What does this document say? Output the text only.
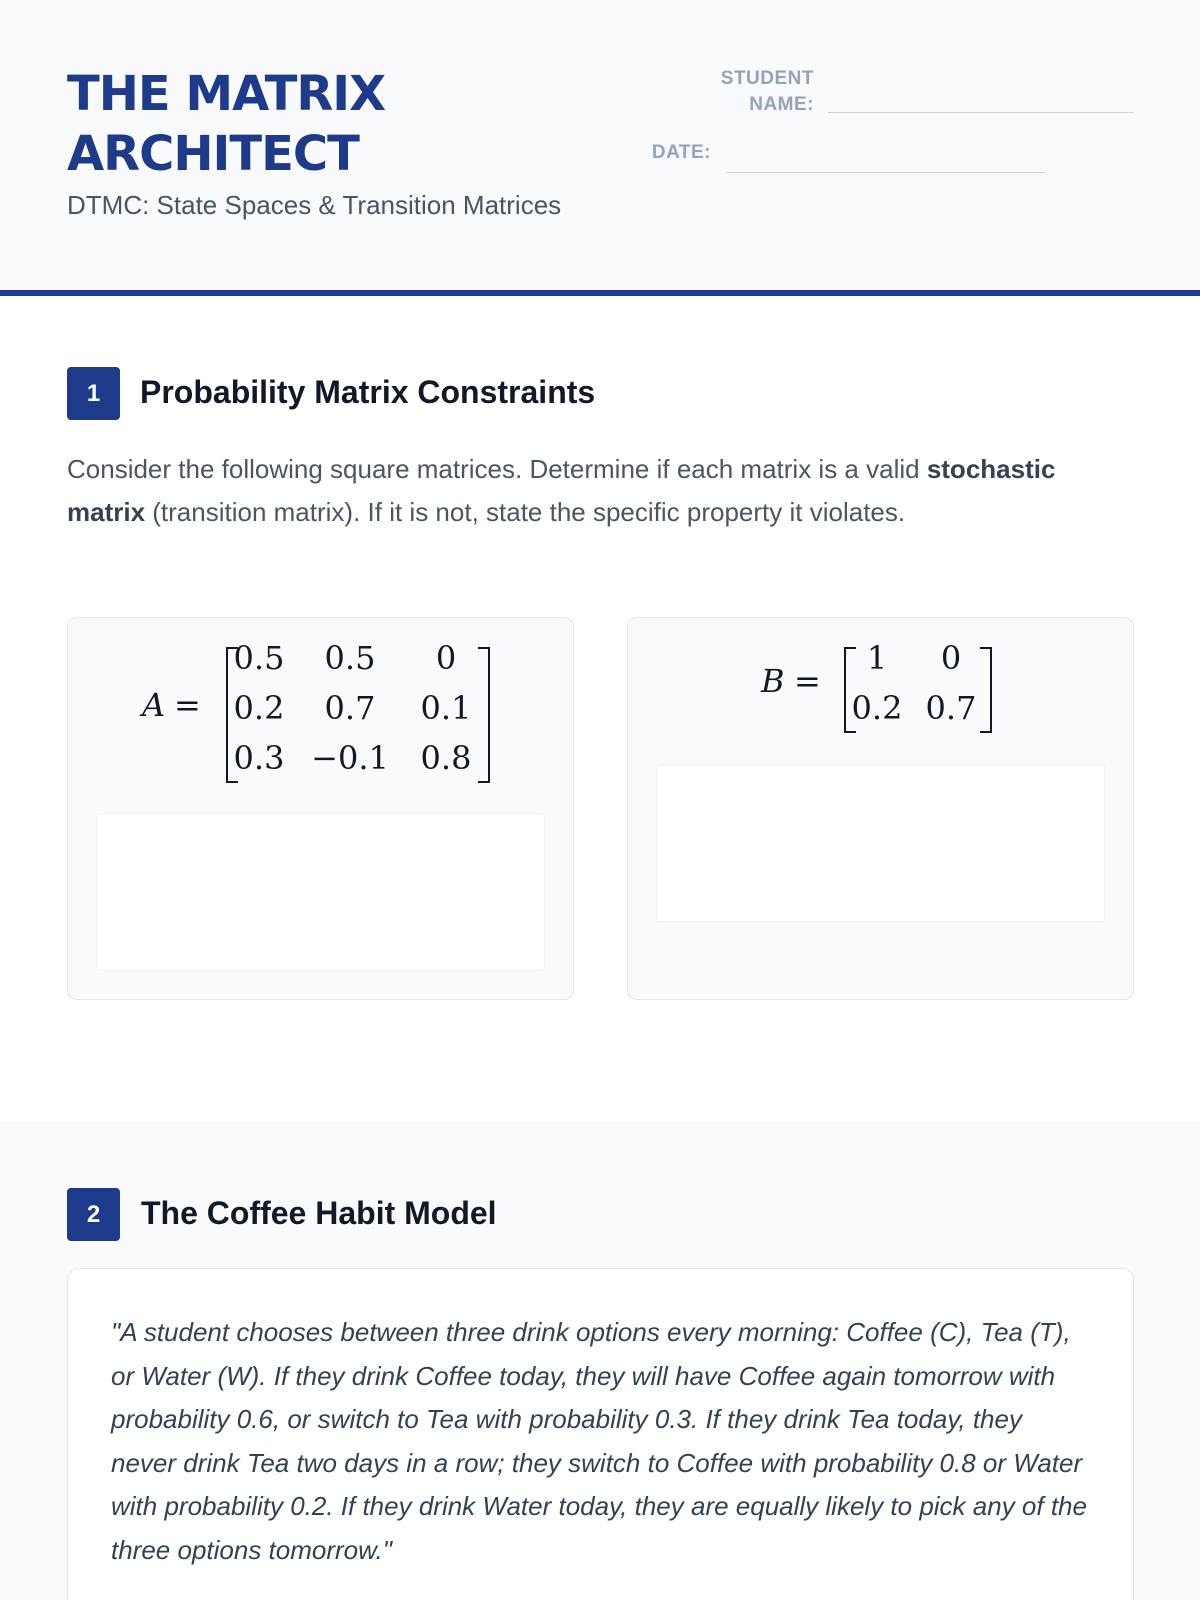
THE MATRIX ARCHITECT
DTMC: State Spaces & Transition Matrices
STUDENT
NAME:
DATE:
1	Probability Matrix Constraints
Consider the following square matrices. Determine if each matrix is a valid stochastic matrix (transition matrix). If it is not, state the specific property it violates.
A =
0.5 0.5	0
0.2 0.7 0.1
0.3 −0.1 0.8
B =
1	0
0.2 0.7
2	The Coffee Habit Model
"A student chooses between three drink options every morning: Coffee (C), Tea (T), or Water (W). If they drink Coffee today, they will have Coffee again tomorrow with probability 0.6, or switch to Tea with probability 0.3. If they drink Tea today, they never drink Tea two days in a row; they switch to Coffee with probability 0.8 or Water with probability 0.2. If they drink Water today, they are equally likely to pick any of the three options tomorrow."
